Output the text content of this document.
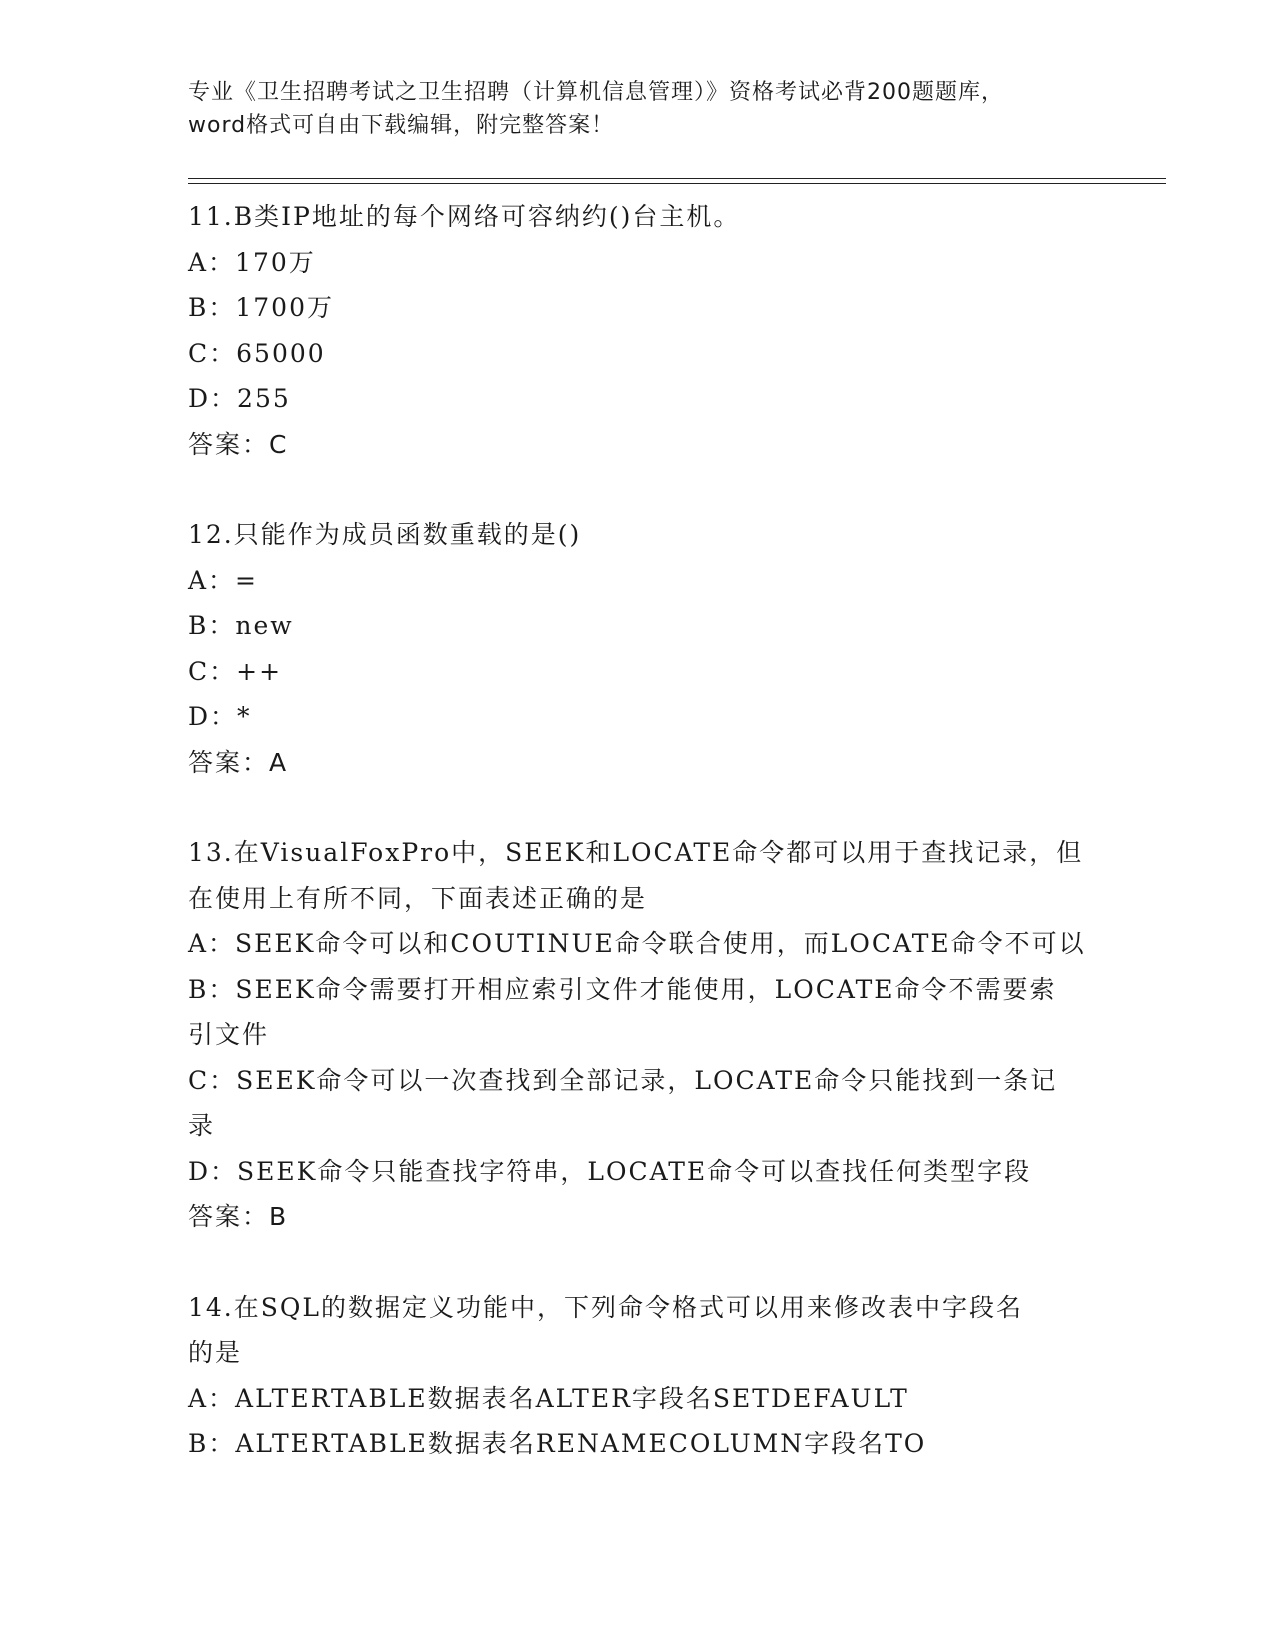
专业《卫生招聘考试之卫生招聘（计算机信息管理）》资格考试必背200题题库，
word格式可自由下载编辑，附完整答案！
11.B类IP地址的每个网络可容纳约()台主机。
A：170万
B：1700万
C：65000
D：255
答案：C
12.只能作为成员函数重载的是()
A：=
B：new
C：++
D：*
答案：A
13.在VisualFoxPro中，SEEK和LOCATE命令都可以用于查找记录，但
在使用上有所不同，下面表述正确的是
A：SEEK命令可以和COUTINUE命令联合使用，而LOCATE命令不可以
B：SEEK命令需要打开相应索引文件才能使用，LOCATE命令不需要索
引文件
C：SEEK命令可以一次查找到全部记录，LOCATE命令只能找到一条记
录
D：SEEK命令只能查找字符串，LOCATE命令可以查找任何类型字段
答案：B
14.在SQL的数据定义功能中，下列命令格式可以用来修改表中字段名
的是
A：ALTERTABLE数据表名ALTER字段名SETDEFAULT
B：ALTERTABLE数据表名RENAMECOLUMN字段名TO
